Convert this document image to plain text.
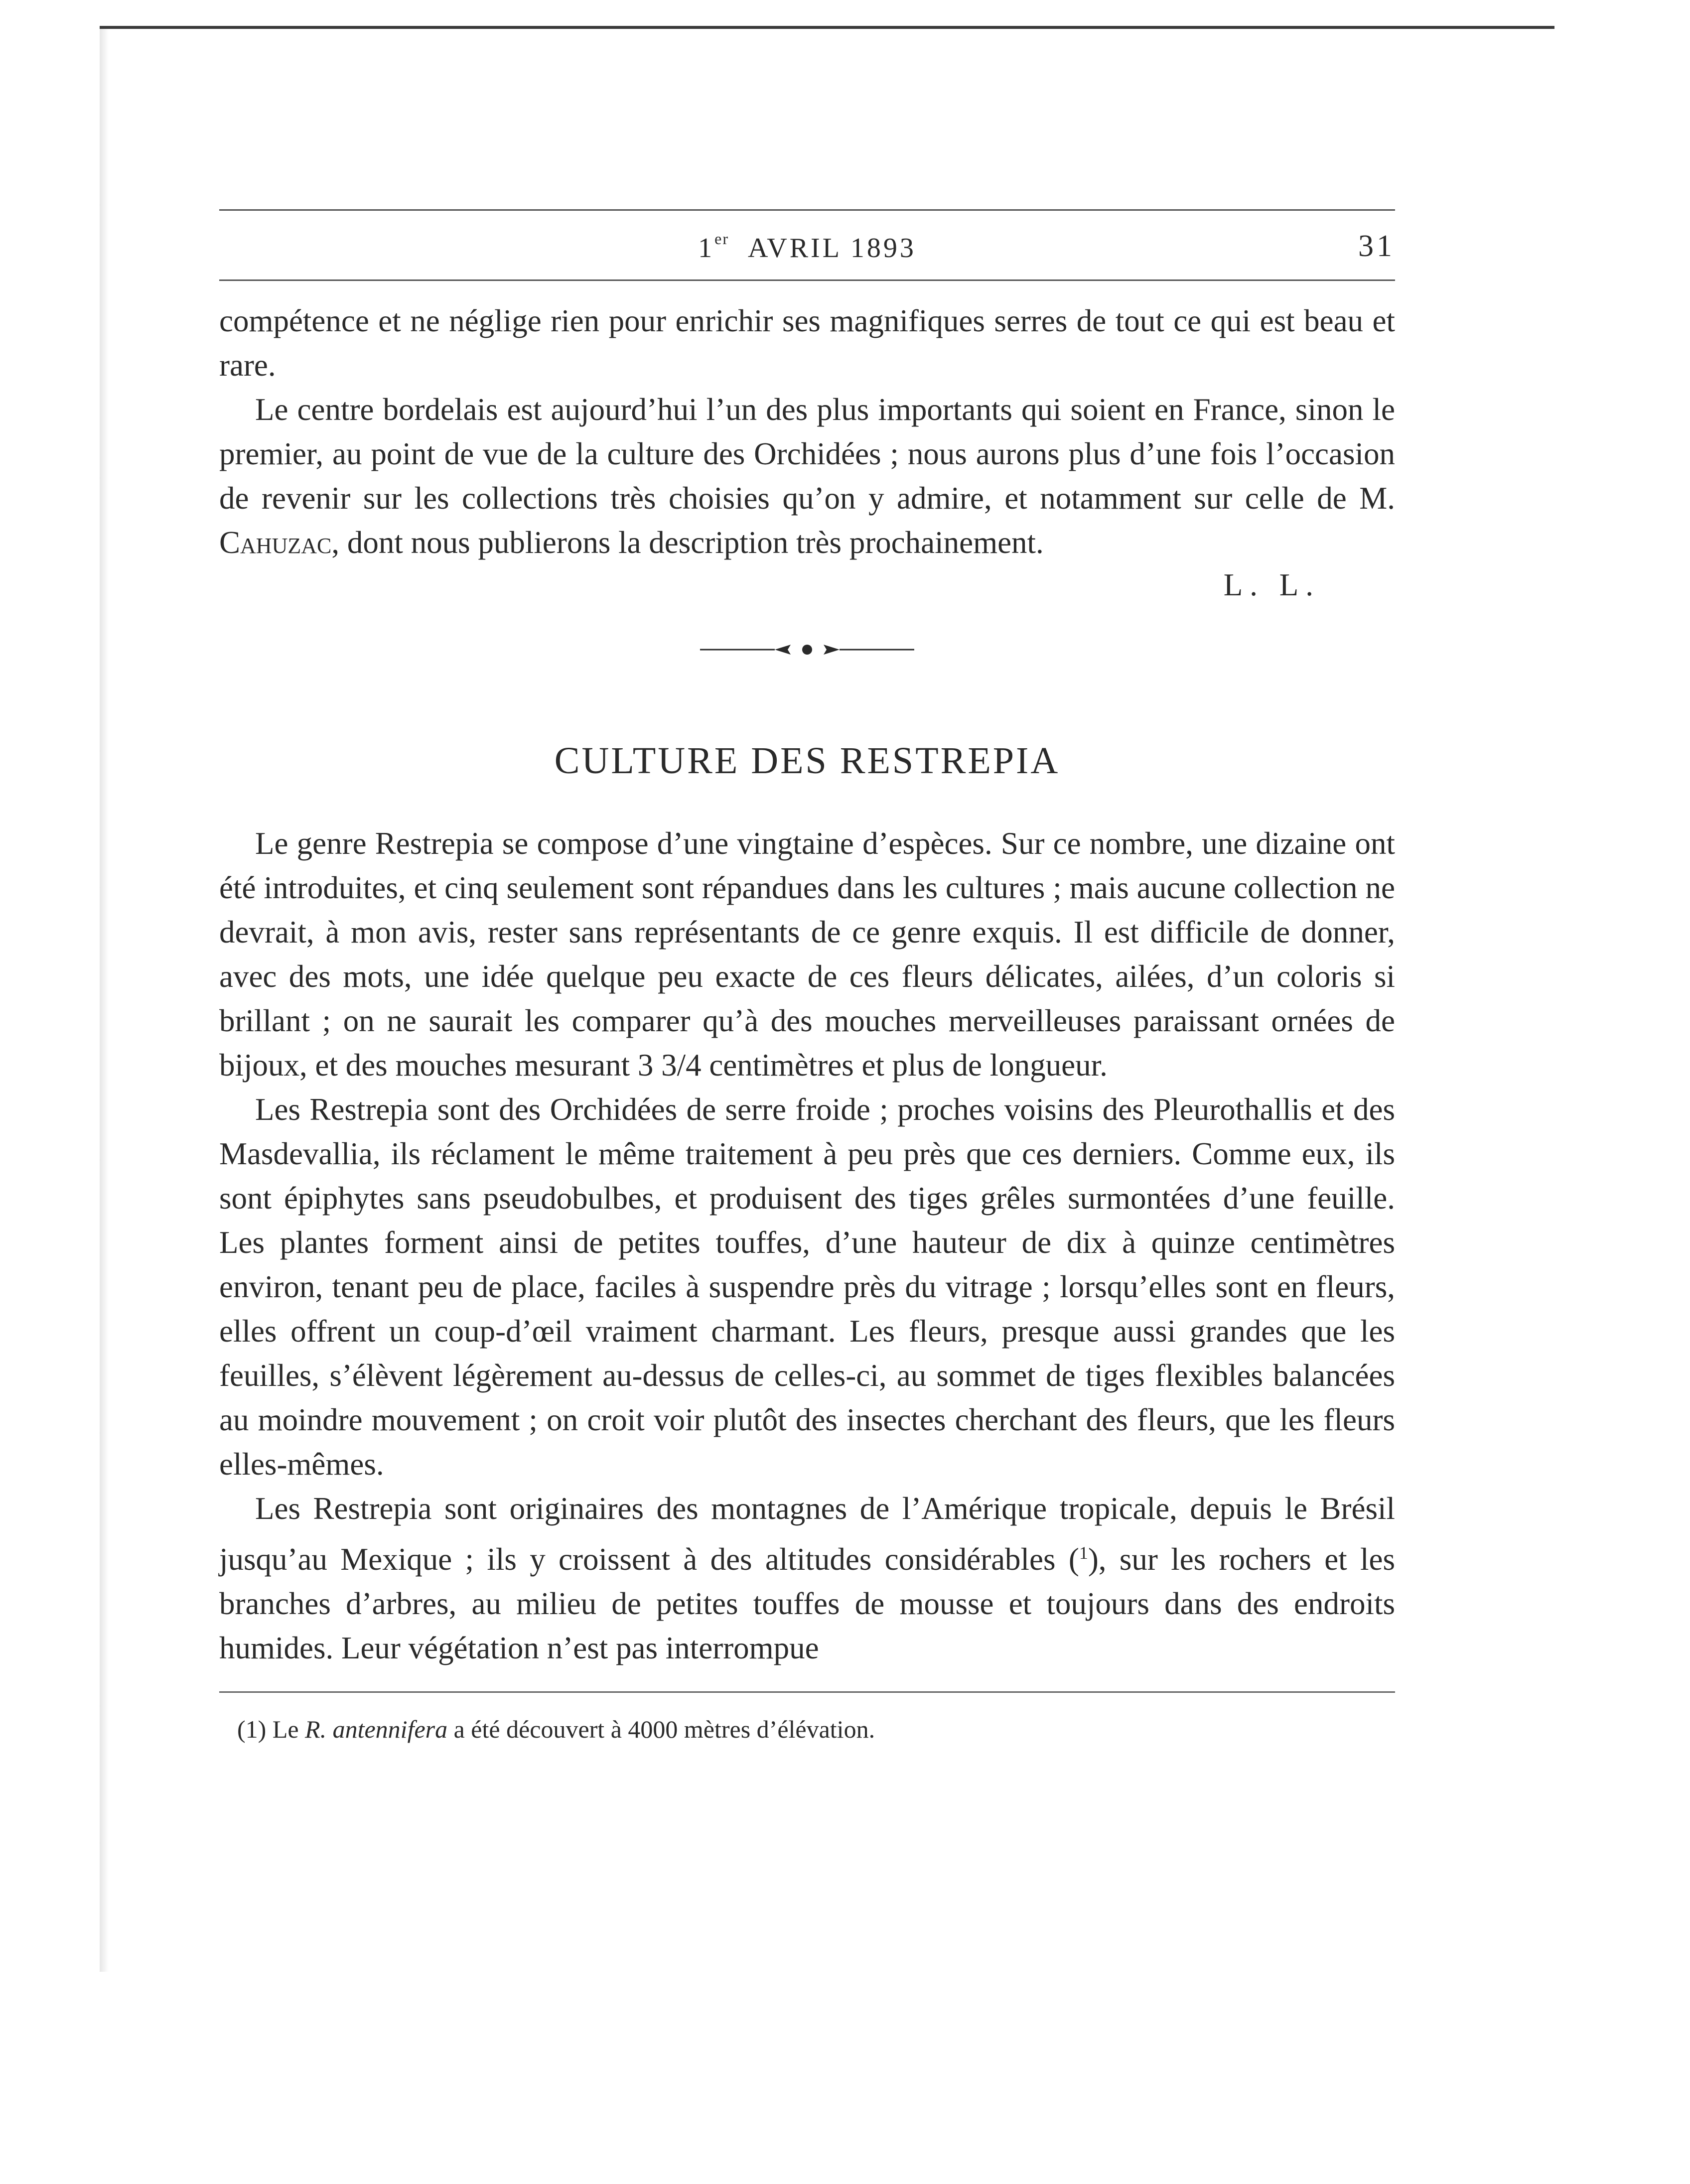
1er AVRIL 1893	31

compétence et ne néglige rien pour enrichir ses magnifiques serres de tout ce qui est beau et rare.

Le centre bordelais est aujourd’hui l’un des plus importants qui soient en France, sinon le premier, au point de vue de la culture des Orchidées ; nous aurons plus d’une fois l’occasion de revenir sur les collections très choisies qu’on y admire, et notamment sur celle de M. Cahuzac, dont nous publierons la description très prochainement.

L. L.
CULTURE DES RESTREPIA

Le genre Restrepia se compose d’une vingtaine d’espèces. Sur ce nombre, une dizaine ont été introduites, et cinq seulement sont répandues dans les cultures ; mais aucune collection ne devrait, à mon avis, rester sans représentants de ce genre exquis. Il est difficile de donner, avec des mots, une idée quelque peu exacte de ces fleurs délicates, ailées, d’un coloris si brillant ; on ne saurait les comparer qu’à des mouches merveilleuses paraissant ornées de bijoux, et des mouches mesurant 3 3/4 centimètres et plus de longueur.

Les Restrepia sont des Orchidées de serre froide ; proches voisins des Pleurothallis et des Masdevallia, ils réclament le même traitement à peu près que ces derniers. Comme eux, ils sont épiphytes sans pseudobulbes, et produisent des tiges grêles surmontées d’une feuille. Les plantes forment ainsi de petites touffes, d’une hauteur de dix à quinze centimètres environ, tenant peu de place, faciles à suspendre près du vitrage ; lorsqu’elles sont en fleurs, elles offrent un coup-d’œil vraiment charmant. Les fleurs, presque aussi grandes que les feuilles, s’élèvent légèrement au-dessus de celles-ci, au sommet de tiges flexibles balancées au moindre mouvement ; on croit voir plutôt des insectes cherchant des fleurs, que les fleurs elles-mêmes.

Les Restrepia sont originaires des montagnes de l’Amérique tropicale, depuis le Brésil jusqu’au Mexique ; ils y croissent à des altitudes considérables ($^1$), sur les rochers et les branches d’arbres, au milieu de petites touffes de mousse et toujours dans des endroits humides. Leur végétation n’est pas interrompue

(1) Le R. antennifera a été découvert à 4000 mètres d’élévation.
